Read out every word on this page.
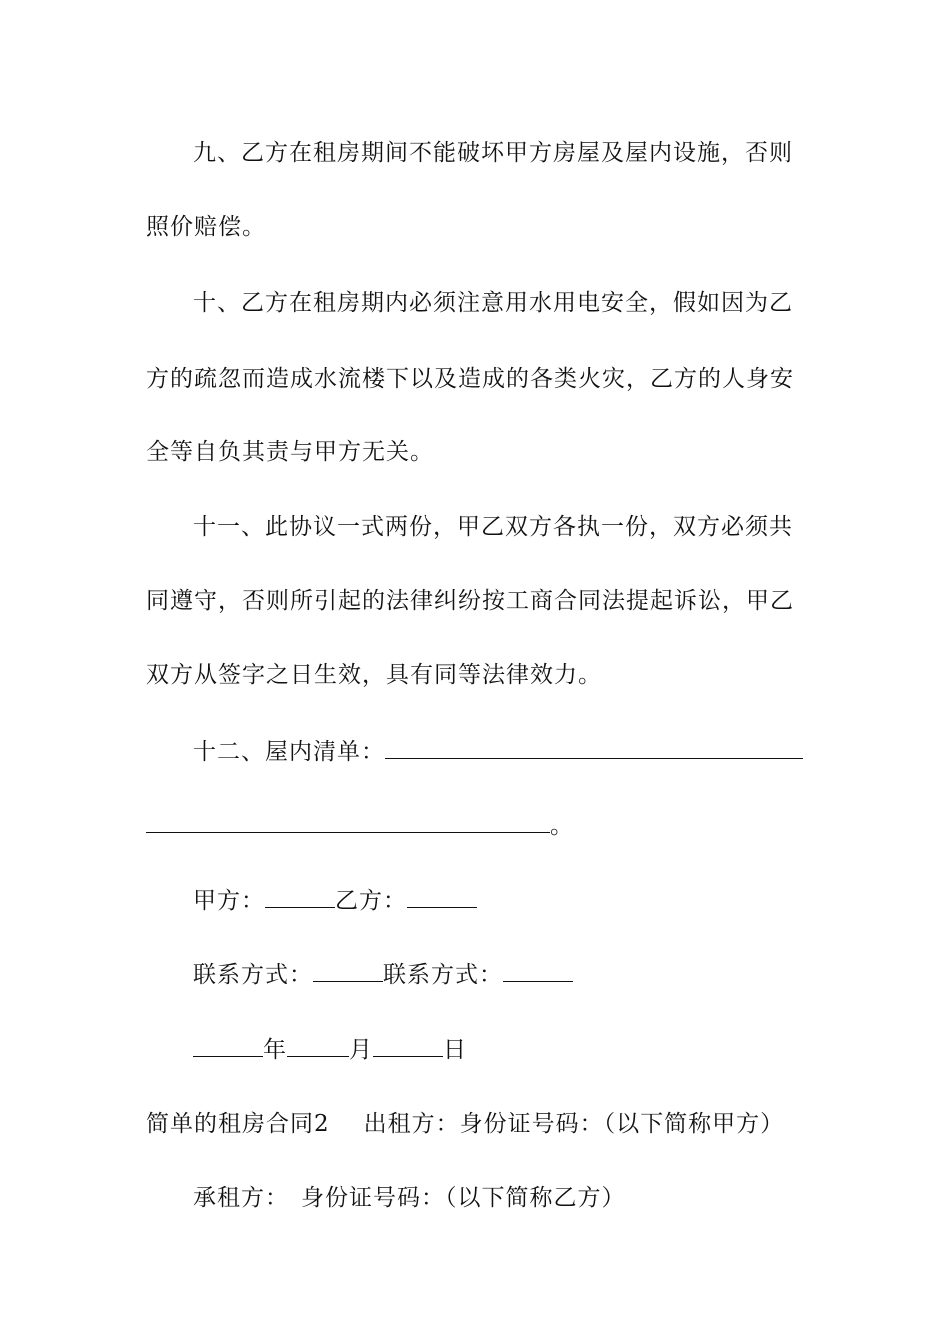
九、乙方在租房期间不能破坏甲方房屋及屋内设施，否则
照价赔偿。
十、乙方在租房期内必须注意用水用电安全，假如因为乙
方的疏忽而造成水流楼下以及造成的各类火灾，乙方的人身安
全等自负其责与甲方无关。
十一、此协议一式两份，甲乙双方各执一份，双方必须共
同遵守，否则所引起的法律纠纷按工商合同法提起诉讼，甲乙
双方从签字之日生效，具有同等法律效力。
十二、屋内清单：
。
甲方：	乙方：
联系方式：	联系方式：
年	月	日
简单的租房合同2 出租方：身份证号码：（以下简称甲方）
承租方： 身份证号码：（以下简称乙方）
